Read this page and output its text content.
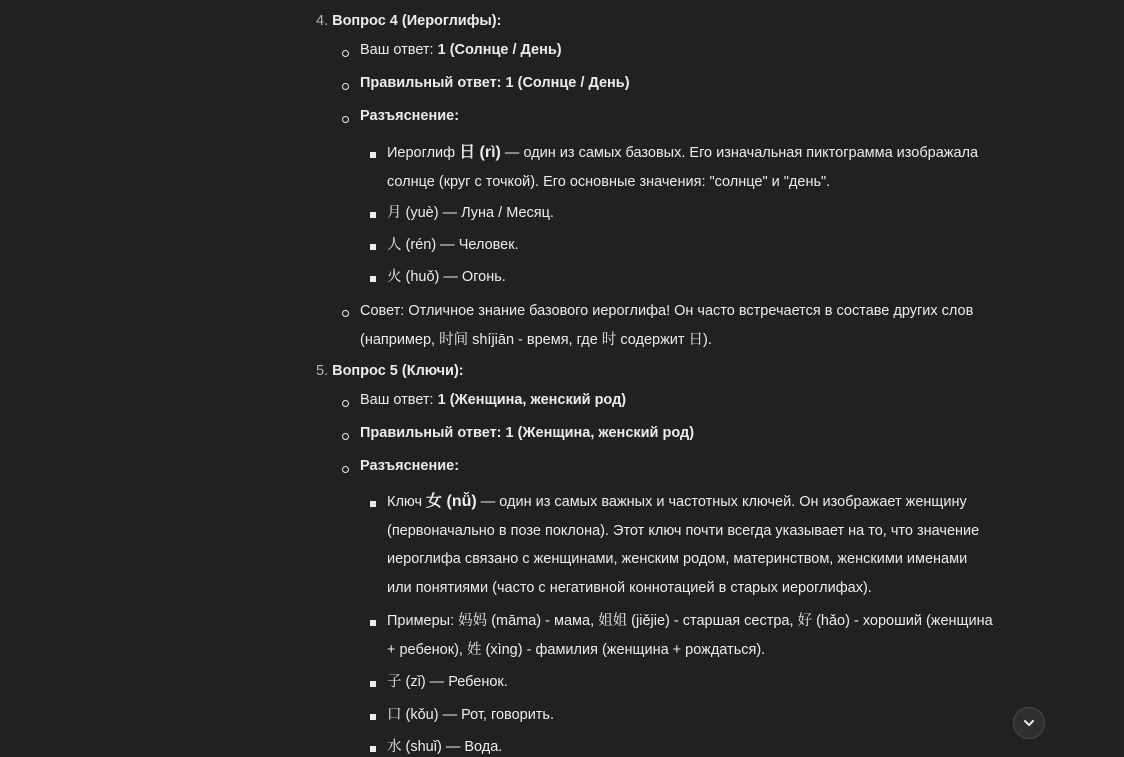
4. Вопрос 4 (Иероглифы):
Ваш ответ: 1 (Солнце / День)
Правильный ответ: 1 (Солнце / День)
Разъяснение:
Иероглиф 日 (rì) — один из самых базовых. Его изначальная пиктограмма изображала
солнце (круг с точкой). Его основные значения: "солнце" и "день".
月 (yuè) — Луна / Месяц.
人 (rén) — Человек.
火 (huǒ) — Огонь.
Совет: Отличное знание базового иероглифа! Он часто встречается в составе других слов
(например, 时间 shíjiān - время, где 时 содержит 日).
5. Вопрос 5 (Ключи):
Ваш ответ: 1 (Женщина, женский род)
Правильный ответ: 1 (Женщина, женский род)
Разъяснение:
Ключ 女 (nǚ) — один из самых важных и частотных ключей. Он изображает женщину
(первоначально в позе поклона). Этот ключ почти всегда указывает на то, что значение
иероглифа связано с женщинами, женским родом, материнством, женскими именами
или понятиями (часто с негативной коннотацией в старых иероглифах).
Примеры: 妈妈 (māma) - мама, 姐姐 (jiějie) - старшая сестра, 好 (hǎo) - хороший (женщина
+ ребенок), 姓 (xìng) - фамилия (женщина + рождаться).
子 (zǐ) — Ребенок.
口 (kǒu) — Рот, говорить.
水 (shuǐ) — Вода.
